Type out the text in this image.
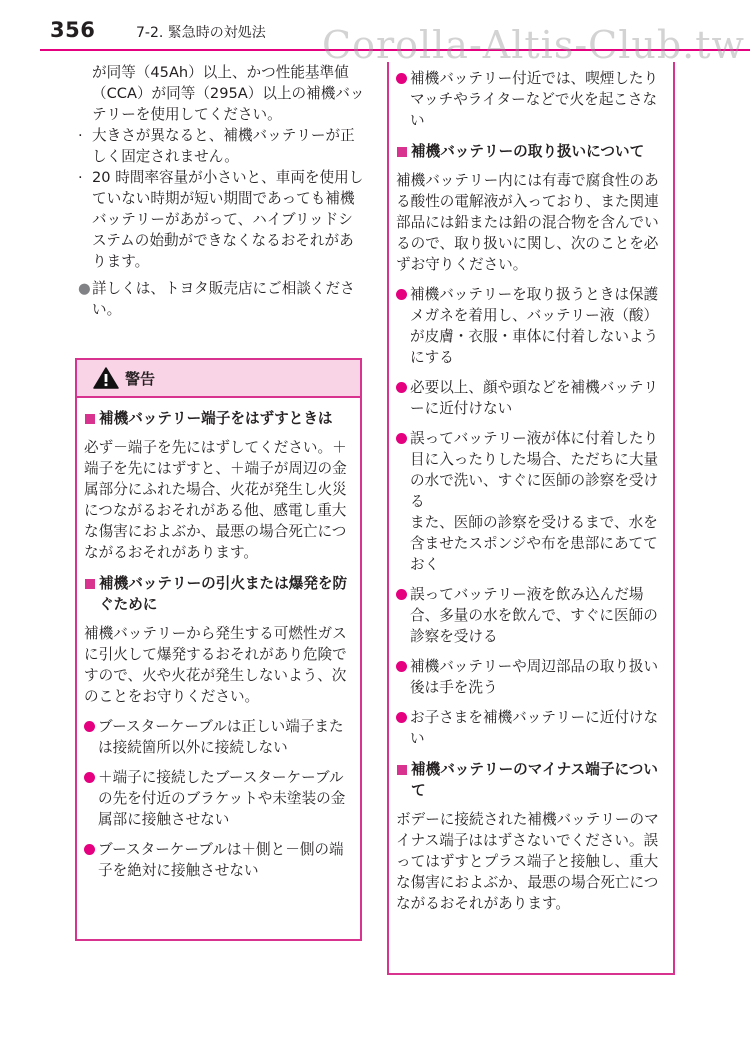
356	7-2. 緊急時の対処法 Corolla-Altis-Club.tw

が同等（45Ah）以上、かつ性能基準値（CCA）が同等（295A）以上の補機バッテリーを使用してください。

· 大きさが異なると、補機バッテリーが正しく固定されません。
· 20 時間率容量が小さいと、車両を使用していない時期が短い期間であっても補機バッテリーがあがって、ハイブリッドシステムの始動ができなくなるおそれがあります。
● 詳しくは、トヨタ販売店にご相談ください。
警告
補機バッテリー端子をはずすときは

必ず－端子を先にはずしてください。＋端子を先にはずすと、＋端子が周辺の金属部分にふれた場合、火花が発生し火災につながるおそれがある他、感電し重大な傷害におよぶか、最悪の場合死亡につながるおそれがあります。

補機バッテリーの引火または爆発を防ぐために

補機バッテリーから発生する可燃性ガスに引火して爆発するおそれがあり危険ですので、火や火花が発生しないよう、次のことをお守りください。

ブースターケーブルは正しい端子または接続箇所以外に接続しない
＋端子に接続したブースターケーブルの先を付近のブラケットや未塗装の金属部に接触させない
ブースターケーブルは＋側と－側の端子を絶対に接触させない
補機バッテリー付近では、喫煙したりマッチやライターなどで火を起こさない
補機バッテリーの取り扱いについて

補機バッテリー内には有毒で腐食性のある酸性の電解液が入っており、また関連部品には鉛または鉛の混合物を含んでいるので、取り扱いに関し、次のことを必ずお守りください。

補機バッテリーを取り扱うときは保護メガネを着用し、バッテリー液（酸）が皮膚・衣服・車体に付着しないようにする
必要以上、顔や頭などを補機バッテリーに近付けない
誤ってバッテリー液が体に付着したり目に入ったりした場合、ただちに大量の水で洗い、すぐに医師の診察を受ける
また、医師の診察を受けるまで、水を含ませたスポンジや布を患部にあてておく
誤ってバッテリー液を飲み込んだ場合、多量の水を飲んで、すぐに医師の診察を受ける
補機バッテリーや周辺部品の取り扱い後は手を洗う
お子さまを補機バッテリーに近付けない
補機バッテリーのマイナス端子について

ボデーに接続された補機バッテリーのマイナス端子ははずさないでください。誤ってはずすとプラス端子と接触し、重大な傷害におよぶか、最悪の場合死亡につながるおそれがあります。
